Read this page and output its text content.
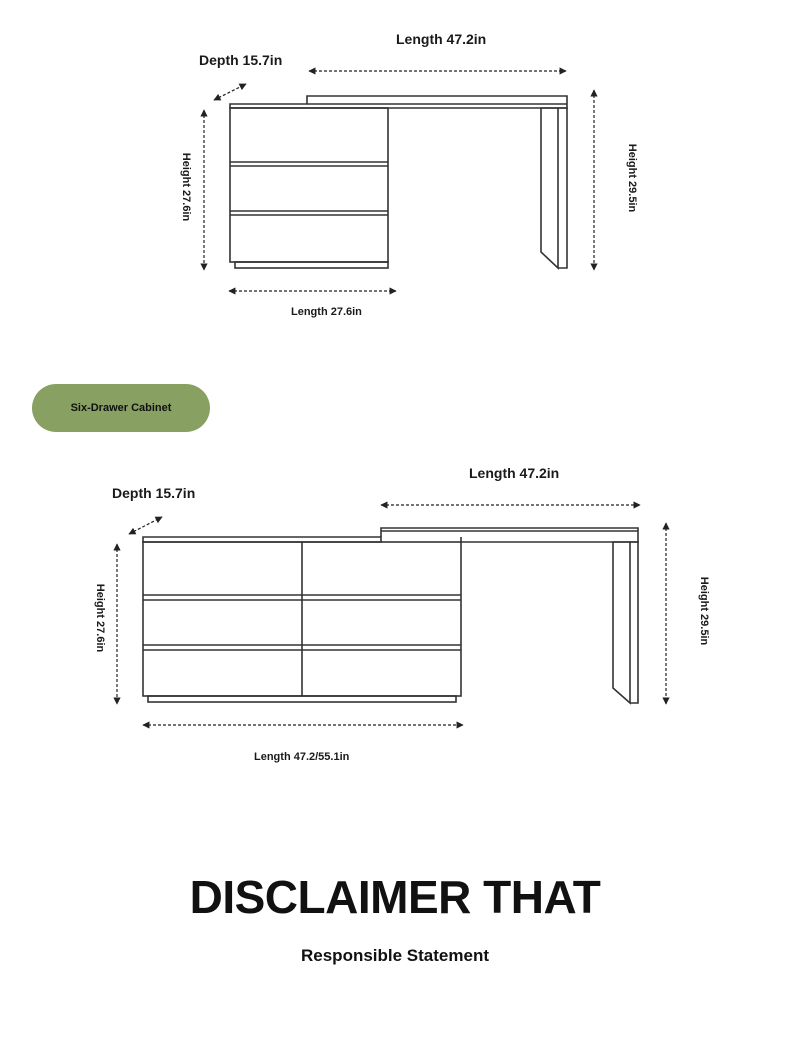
Depth 15.7in
Length 47.2in
Height 27.6in	Height 29.5in
Length 27.6in
Six-Drawer Cabinet
Depth 15.7in
Length 47.2in
Height 27.6in	Height 29.5in
Length 47.2/55.1in
DISCLAIMER THAT
Responsible Statement
